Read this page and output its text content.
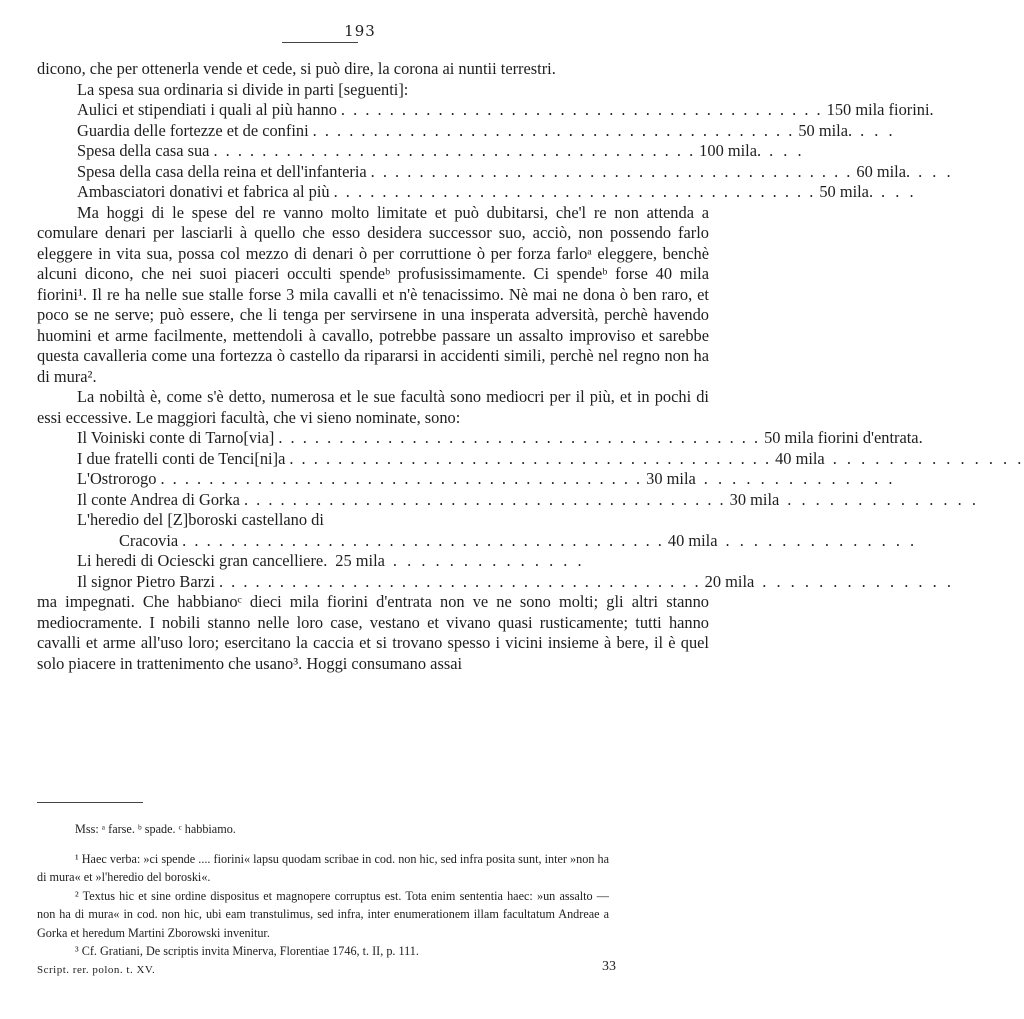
193

dicono, che per ottenerla vende et cede, si può dire, la corona ai nuntii terrestri.

La spesa sua ordinaria si divide in parti [seguenti]:

Aulici et stipendiati i quali al più hanno . . . . . . . . . . . . . . . . . . . . . . . . . . . . . . . . . . . . . . . . 150 mila fiorini.
Guardia delle fortezze et de confini . . . . . . . . . . . . . . . . . . . . . . . . . . . . . . . . . . . . . . . . 50 mila. . . .
Spesa della casa sua . . . . . . . . . . . . . . . . . . . . . . . . . . . . . . . . . . . . . . . . 100 mila. . . .
Spesa della casa della reina et dell'infanteria . . . . . . . . . . . . . . . . . . . . . . . . . . . . . . . . . . . . . . . . 60 mila. . . .
Ambasciatori donativi et fabrica al più . . . . . . . . . . . . . . . . . . . . . . . . . . . . . . . . . . . . . . . . 50 mila. . . .

Ma hoggi di le spese del re vanno molto limitate et può dubitarsi, che'l re non attenda a comulare denari per lasciarli à quello che esso desidera successor suo, acciò, non possendo farlo eleggere in vita sua, possa col mezzo di denari ò per corruttione ò per forza farloᵃ eleggere, benchè alcuni dicono, che nei suoi piaceri occulti spendeᵇ profusissimamente. Ci spendeᵇ forse 40 mila fiorini¹. Il re ha nelle sue stalle forse 3 mila cavalli et n'è tenacissimo. Nè mai ne dona ò ben raro, et poco se ne serve; può essere, che li tenga per servirsene in una insperata adversità, perchè havendo huomini et arme facilmente, mettendoli à cavallo, potrebbe passare un assalto improviso et sarebbe questa cavalleria come una fortezza ò castello da ripararsi in accidenti simili, perchè nel regno non ha di mura².

La nobiltà è, come s'è detto, numerosa et le sue facultà sono mediocri per il più, et in pochi di essi eccessive. Le maggiori facultà, che vi sieno nominate, sono:

Il Voiniski conte di Tarno[via] . . . . . . . . . . . . . . . . . . . . . . . . . . . . . . . . . . . . . . . . 50 mila fiorini d'entrata.
I due fratelli conti de Tenci[ni]a . . . . . . . . . . . . . . . . . . . . . . . . . . . . . . . . . . . . . . . . 40 mila . . . . . . . . . . . . . .
L'Ostrorogo . . . . . . . . . . . . . . . . . . . . . . . . . . . . . . . . . . . . . . . . 30 mila . . . . . . . . . . . . . .
Il conte Andrea di Gorka . . . . . . . . . . . . . . . . . . . . . . . . . . . . . . . . . . . . . . . . 30 mila . . . . . . . . . . . . . .
L'heredio del [Z]boroski castellano di
Cracovia . . . . . . . . . . . . . . . . . . . . . . . . . . . . . . . . . . . . . . . . 40 mila . . . . . . . . . . . . . .
Li heredi di Ociescki gran cancelliere. 25 mila . . . . . . . . . . . . . .
Il signor Pietro Barzi . . . . . . . . . . . . . . . . . . . . . . . . . . . . . . . . . . . . . . . . 20 mila . . . . . . . . . . . . . .

ma impegnati. Che habbianoᶜ dieci mila fiorini d'entrata non ve ne sono molti; gli altri stanno mediocramente. I nobili stanno nelle loro case, vestano et vivano quasi rusticamente; tutti hanno cavalli et arme all'uso loro; esercitano la caccia et si trovano spesso i vicini insieme à bere, il è quel solo piacere in trattenimento che usano³. Hoggi consumano assai

Mss: ᵃ farse. ᵇ spade. ᶜ habbiamo.

¹ Haec verba: »ci spende .... fiorini« lapsu quodam scribae in cod. non hic, sed infra posita sunt, inter »non ha di mura« et »l'heredio del boroski«.

² Textus hic et sine ordine dispositus et magnopere corruptus est. Tota enim sententia haec: »un assalto — non ha di mura« in cod. non hic, ubi eam transtulimus, sed infra, inter enumerationem illam facultatum Andreae a Gorka et heredum Martini Zborowski invenitur.

³ Cf. Gratiani, De scriptis invita Minerva, Florentiae 1746, t. II, p. 111.

Script. rer. polon. t. XV.	33
